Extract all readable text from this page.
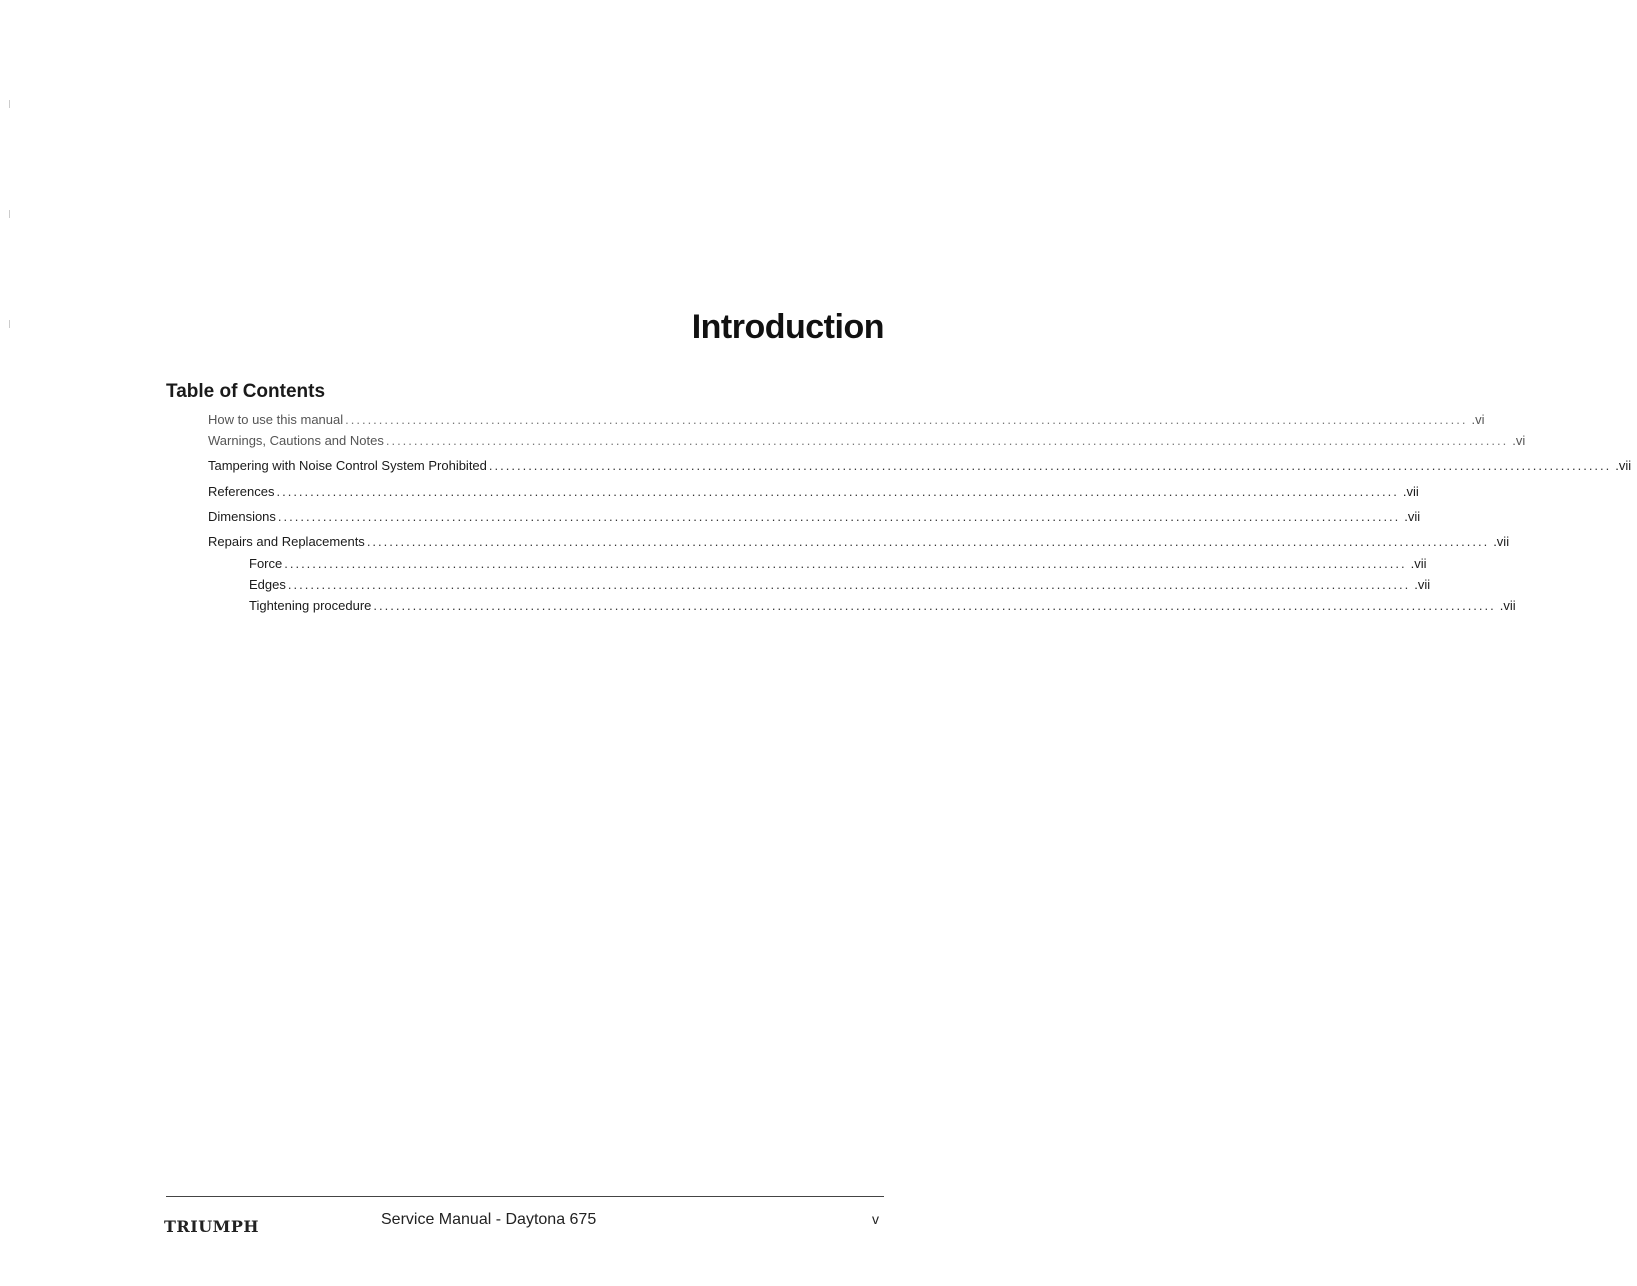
Introduction
Table of Contents
How to use this manual ........................................................................................................................................................................................................ .vi
Warnings, Cautions and Notes ........................................................................................................................................................................................................ .vi
Tampering with Noise Control System Prohibited ........................................................................................................................................................................................................ .vii
References ........................................................................................................................................................................................................ .vii
Dimensions ........................................................................................................................................................................................................ .vii
Repairs and Replacements ........................................................................................................................................................................................................ .vii
Force ........................................................................................................................................................................................................ .vii
Edges ........................................................................................................................................................................................................ .vii
Tightening procedure ........................................................................................................................................................................................................ .vii
TRIUMPH	Service Manual - Daytona 675	v
